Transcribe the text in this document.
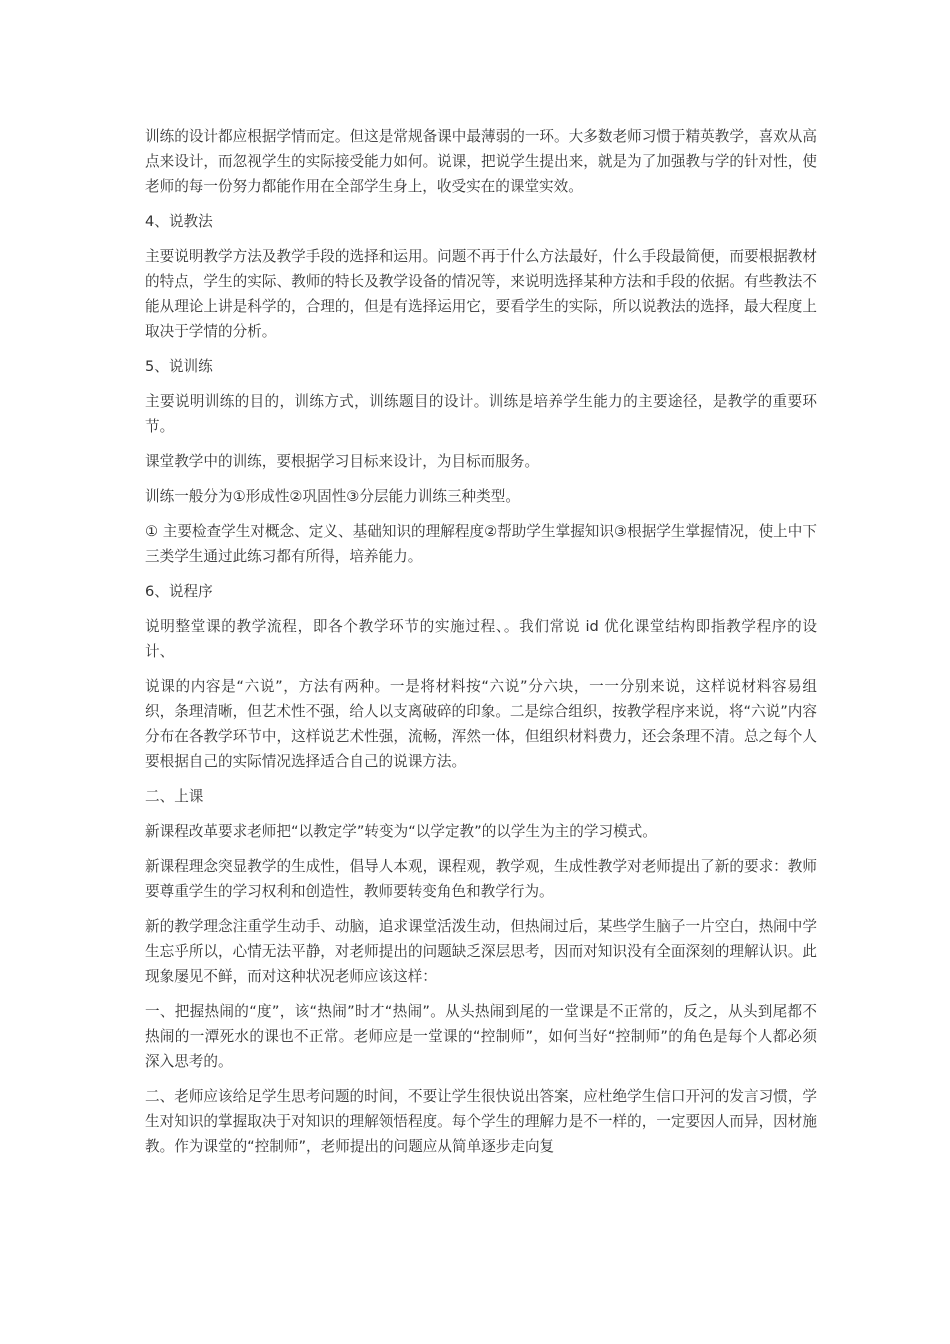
训练的设计都应根据学情而定。但这是常规备课中最薄弱的一环。大多数老师习惯于精英教学，喜欢从高点来设计，而忽视学生的实际接受能力如何。说课，把说学生提出来，就是为了加强教与学的针对性，使老师的每一份努力都能作用在全部学生身上，收受实在的课堂实效。

4、说教法

主要说明教学方法及教学手段的选择和运用。问题不再于什么方法最好，什么手段最简便，而要根据教材的特点，学生的实际、教师的特长及教学设备的情况等，来说明选择某种方法和手段的依据。有些教法不能从理论上讲是科学的，合理的，但是有选择运用它，要看学生的实际，所以说教法的选择，最大程度上取决于学情的分析。

5、说训练

主要说明训练的目的，训练方式，训练题目的设计。训练是培养学生能力的主要途径，是教学的重要环节。

课堂教学中的训练，要根据学习目标来设计，为目标而服务。

训练一般分为①形成性②巩固性③分层能力训练三种类型。

① 主要检查学生对概念、定义、基础知识的理解程度②帮助学生掌握知识③根据学生掌握情况，使上中下三类学生通过此练习都有所得，培养能力。

6、说程序

说明整堂课的教学流程，即各个教学环节的实施过程、。我们常说 id 优化课堂结构即指教学程序的设计、

说课的内容是“六说”，方法有两种。一是将材料按“六说”分六块，一一分别来说，这样说材料容易组织，条理清晰，但艺术性不强，给人以支离破碎的印象。二是综合组织，按教学程序来说，将“六说”内容分布在各教学环节中，这样说艺术性强，流畅，浑然一体，但组织材料费力，还会条理不清。总之每个人要根据自己的实际情况选择适合自己的说课方法。

二、上课

新课程改革要求老师把“以教定学”转变为“以学定教”的以学生为主的学习模式。

新课程理念突显教学的生成性，倡导人本观，课程观，教学观，生成性教学对老师提出了新的要求：教师要尊重学生的学习权利和创造性，教师要转变角色和教学行为。

新的教学理念注重学生动手、动脑，追求课堂活泼生动，但热闹过后，某些学生脑子一片空白，热闹中学生忘乎所以，心情无法平静，对老师提出的问题缺乏深层思考，因而对知识没有全面深刻的理解认识。此现象屡见不鲜，而对这种状况老师应该这样：

一、把握热闹的“度”，该“热闹”时才“热闹”。从头热闹到尾的一堂课是不正常的，反之，从头到尾都不热闹的一潭死水的课也不正常。老师应是一堂课的“控制师”，如何当好“控制师”的角色是每个人都必须深入思考的。

二、老师应该给足学生思考问题的时间，不要让学生很快说出答案，应杜绝学生信口开河的发言习惯，学生对知识的掌握取决于对知识的理解领悟程度。每个学生的理解力是不一样的，一定要因人而异，因材施教。作为课堂的“控制师”，老师提出的问题应从简单逐步走向复
